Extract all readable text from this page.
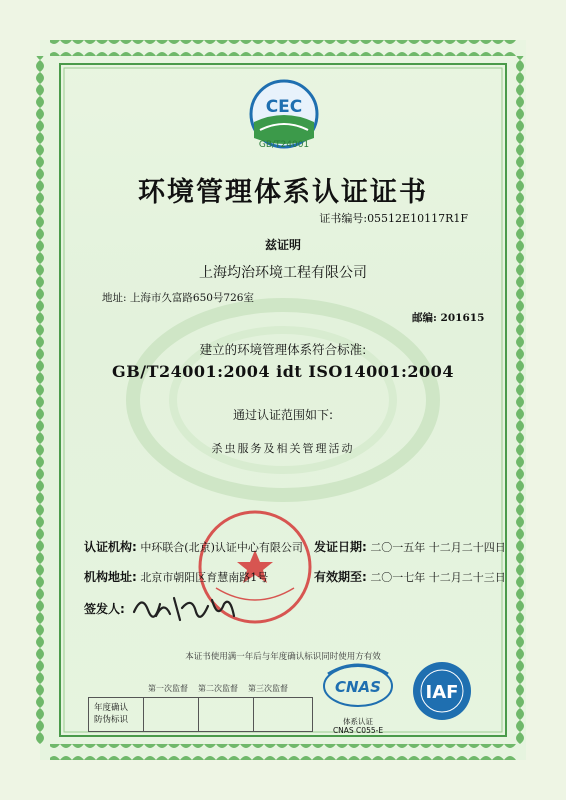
CEC
GB/T24001
环境管理体系认证证书
证书编号:05512E10117R1F
兹证明
上海均治环境工程有限公司
地址: 上海市久富路650号726室
邮编: 201615
建立的环境管理体系符合标准:
GB/T24001:2004 idt ISO14001:2004
通过认证范围如下:
杀虫服务及相关管理活动
认证机构: 中环联合(北京)认证中心有限公司 发证日期: 二〇一五年 十二月二十四日
机构地址: 北京市朝阳区育慧南路1号	有效期至: 二〇一七年 十二月二十三日
签发人:
本证书使用满一年后与年度确认标识同时使用方有效
第一次监督 第二次监督 第三次监督
年度确认
防伪标识
CNAS
体系认证
CNAS C055-E
IAF
